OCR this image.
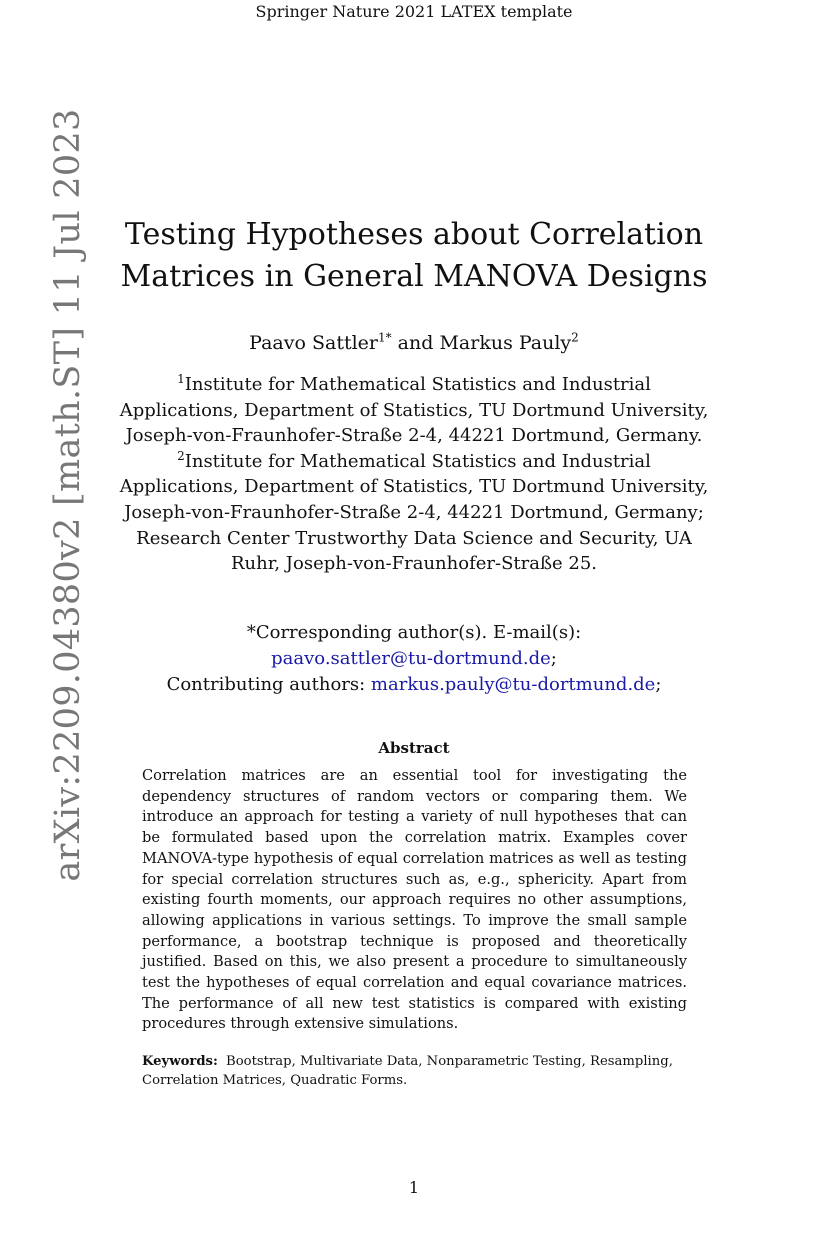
Springer Nature 2021 LATEX template
arXiv:2209.04380v2 [math.ST] 11 Jul 2023	Testing Hypotheses about Correlation
Matrices in General MANOVA Designs
Paavo Sattler$^{1*}$ and Markus Pauly$^2$
$^1$Institute for Mathematical Statistics and Industrial
Applications, Department of Statistics, TU Dortmund University,
Joseph-von-Fraunhofer-Straße 2-4, 44221 Dortmund, Germany.
$^2$Institute for Mathematical Statistics and Industrial
Applications, Department of Statistics, TU Dortmund University,
Joseph-von-Fraunhofer-Straße 2-4, 44221 Dortmund, Germany;
Research Center Trustworthy Data Science and Security, UA
Ruhr, Joseph-von-Fraunhofer-Straße 25.
*Corresponding author(s). E-mail(s):
paavo.sattler@tu-dortmund.de;
Contributing authors: markus.pauly@tu-dortmund.de;
Abstract
Correlation matrices are an essential tool for investigating the dependency structures of random vectors or comparing them. We introduce an approach for testing a variety of null hypotheses that can be formulated based upon the correlation matrix. Examples cover MANOVA-type hypothesis of equal correlation matrices as well as testing for special correlation structures such as, e.g., sphericity. Apart from existing fourth moments, our approach requires no other assumptions, allowing applications in various settings. To improve the small sample performance, a bootstrap technique is proposed and theoretically justified. Based on this, we also present a procedure to simultaneously test the hypotheses of equal correlation and equal covariance matrices. The performance of all new test statistics is compared with existing procedures through extensive simulations.
Keywords: Bootstrap, Multivariate Data, Nonparametric Testing, Resampling, Correlation Matrices, Quadratic Forms.
1
